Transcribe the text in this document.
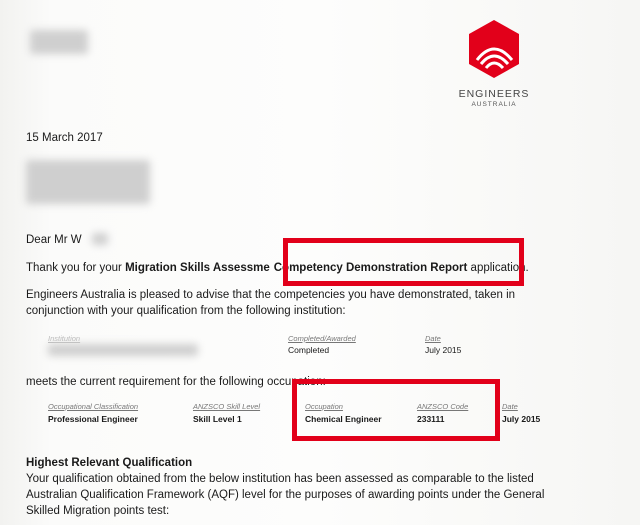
ENGINEERS
AUSTRALIA
15 March 2017
Dear Mr W
Thank you for your Migration Skills Assessme Competency Demonstration Report application.
Engineers Australia is pleased to advise that the competencies you have demonstrated, taken in
conjunction with your qualification from the following institution:
Institution	Completed/Awarded
Completed
Date
July 2015
meets the current requirement for the following occupation:
Occupational Classification
Professional Engineer
ANZSCO Skill Level
Skill Level 1
Occupation
Chemical Engineer
ANZSCO Code
233111
Date
July 2015
Highest Relevant Qualification
Your qualification obtained from the below institution has been assessed as comparable to the listed
Australian Qualification Framework (AQF) level for the purposes of awarding points under the General
Skilled Migration points test:
